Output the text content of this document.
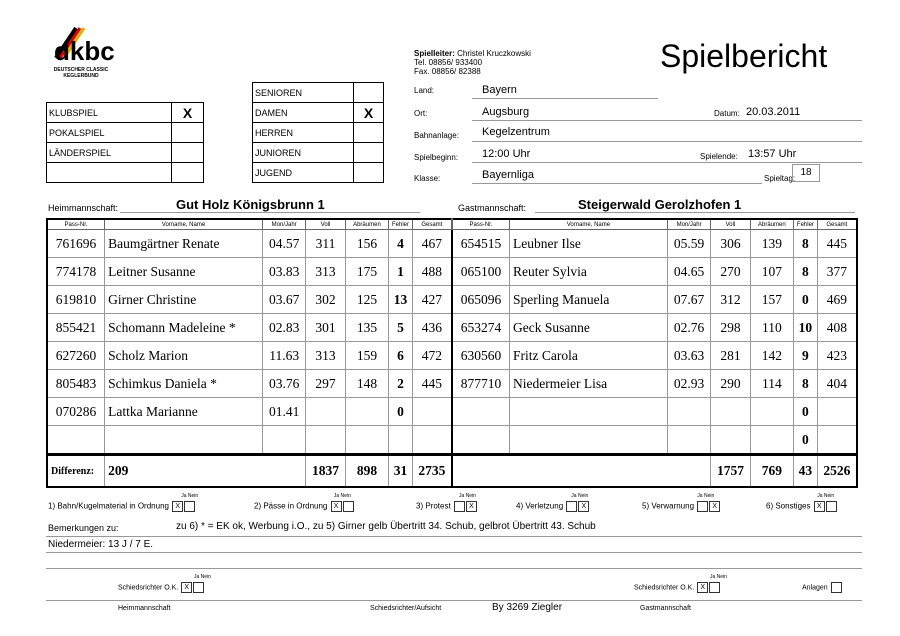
dkbc
DEUTSCHER CLASSIC
KEGLERBUND
Spielleiter: Christel Kruczkowski
Tel. 08856/ 933400
Fax. 08856/ 82388	Spielbericht
KLUBSPIEL	X
POKALSPIEL	
LÄNDERSPIEL	

SENIOREN	
DAMEN	X
HERREN	
JUNIOREN	
JUGEND	
Land:	Bayern
Ort:	Augsburg	Datum: 20.03.2011
Bahnanlage: Kegelzentrum
Spielbeginn: 12:00 Uhr	Spielende: 13:57 Uhr
Klasse:	Bayernliga	Spieltag:
18
Heimmannschaft:	Gut Holz Königsbrunn 1	Gastmannschaft:	Steigerwald Gerolzhofen 1
Pass-Nr.	Vorname, Name	Mon/Jahr	Voll	Abräumen	Fehler	Gesamt	Pass-Nr.	Vorname, Name	Mon/Jahr	Voll	Abräumen	Fehler	Gesamt
761696	Baumgärtner Renate	04.57	311	156	4	467	654515	Leubner Ilse	05.59	306	139	8	445
774178	Leitner Susanne	03.83	313	175	1	488	065100	Reuter Sylvia	04.65	270	107	8	377
619810	Girner Christine	03.67	302	125	13	427	065096	Sperling Manuela	07.67	312	157	0	469
855421	Schomann Madeleine *	02.83	301	135	5	436	653274	Geck Susanne	02.76	298	110	10	408
627260	Scholz Marion	11.63	313	159	6	472	630560	Fritz Carola	03.63	281	142	9	423
805483	Schimkus Daniela *	03.76	297	148	2	445	877710	Niedermeier Lisa	02.93	290	114	8	404
070286	Lattka Marianne	01.41			0							0	
												0	
Differenz:	209		1837	898	31	2735				1757	769	43	2526
1) Bahn/Kugelmaterial in Ordnung X
Ja Nein
2) Pässe in Ordnung X
Ja Nein
3) Protest	X
Ja Nein
4) Verletzung	X
Ja Nein
5) Verwarnung	X
Ja Nein
6) Sonstiges X
Ja Nein
Bemerkungen zu:	zu 6) * = EK ok, Werbung i.O., zu 5) Girner gelb Übertritt 34. Schub, gelbrot Übertritt 43. Schub
Niedermeier: 13 J / 7 E.
Ja Nein
Schiedsrichter O.K. X
Ja Nein
Schiedsrichter O.K. X	Anlagen
Heimmannschaft	Schiedsrichter/Aufsicht	By 3269 Ziegler	Gastmannschaft
